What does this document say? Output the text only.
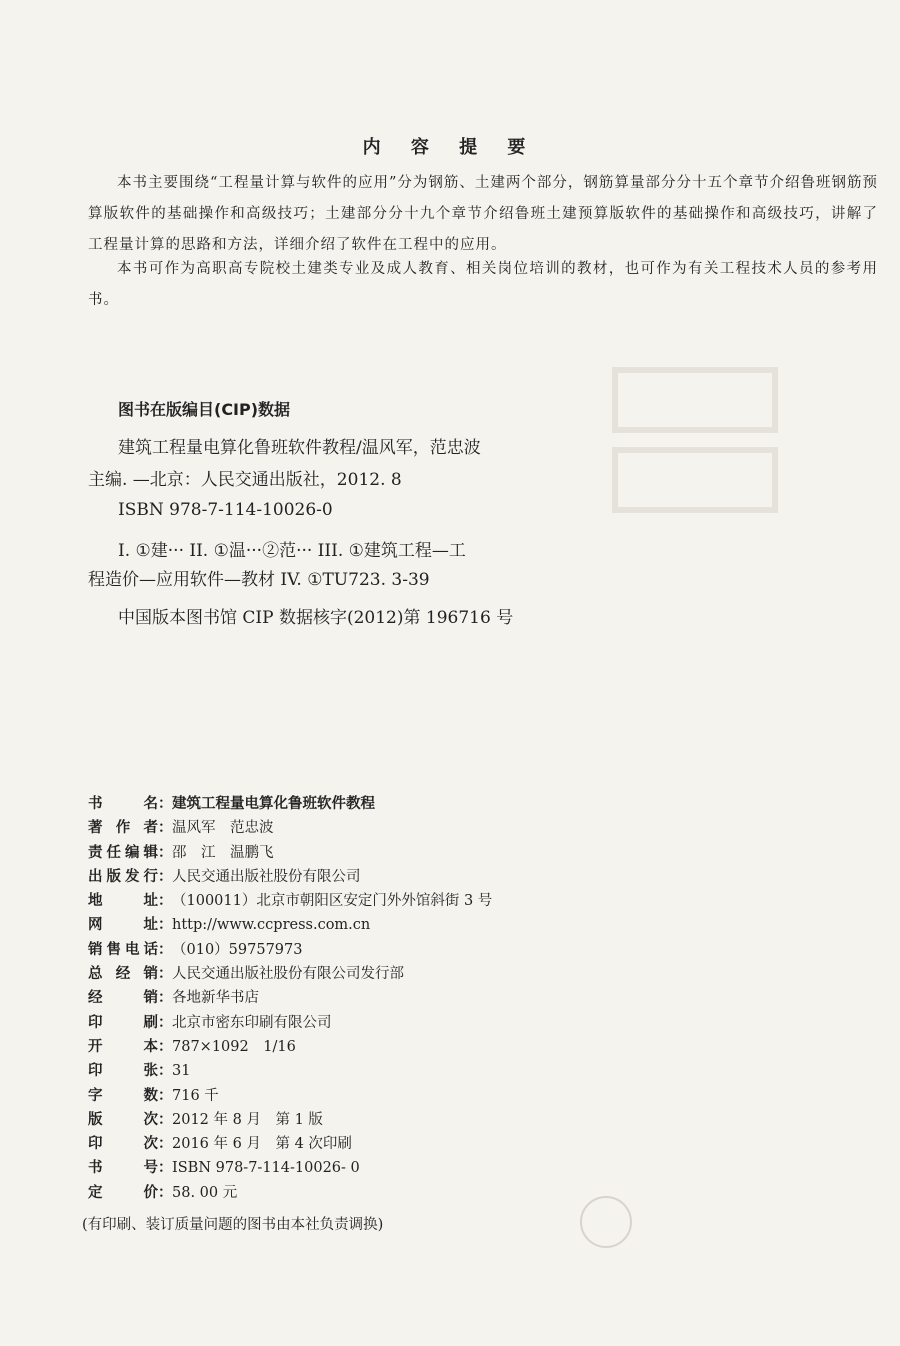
内 容 提 要
本书主要围绕“工程量计算与软件的应用”分为钢筋、土建两个部分，钢筋算量部分分十五个章节介绍鲁班钢筋预算版软件的基础操作和高级技巧；土建部分分十九个章节介绍鲁班土建预算版软件的基础操作和高级技巧，讲解了工程量计算的思路和方法，详细介绍了软件在工程中的应用。
本书可作为高职高专院校土建类专业及成人教育、相关岗位培训的教材，也可作为有关工程技术人员的参考用书。
图书在版编目(CIP)数据
建筑工程量电算化鲁班软件教程/温风军，范忠波
主编. —北京：人民交通出版社，2012. 8
ISBN 978-7-114-10026-0
I. ①建··· II. ①温···②范··· III. ①建筑工程—工
程造价—应用软件—教材 IV. ①TU723. 3-39
中国版本图书馆 CIP 数据核字(2012)第 196716 号
书名 ： 建筑工程量电算化鲁班软件教程
著作者 ： 温风军　范忠波
责任编辑 ： 邵　江　温鹏飞
出版发行 ： 人民交通出版社股份有限公司
地址 ： （100011）北京市朝阳区安定门外外馆斜街 3 号
网址 ： http://www.ccpress.com.cn
销售电话 ： （010）59757973
总经销 ： 人民交通出版社股份有限公司发行部
经销 ： 各地新华书店
印刷 ： 北京市密东印刷有限公司
开本 ： 787×1092　1/16
印张 ： 31
字数 ： 716 千
版次 ： 2012 年 8 月　第 1 版
印次 ： 2016 年 6 月　第 4 次印刷
书号 ： ISBN 978-7-114-10026- 0
定价 ： 58. 00 元
(有印刷、装订质量问题的图书由本社负责调换)
